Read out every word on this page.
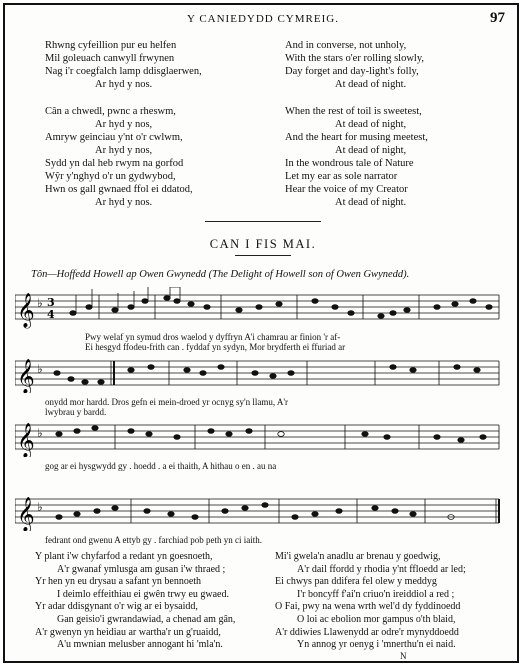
Y CANIEDYDD CYMREIG.	97
Rhwng cyfeillion pur eu helfen
Mil goleuach canwyll frwynen
Nag i'r coegfalch lamp ddisglaerwen,
Ar hyd y nos.
And in converse, not unholy,
With the stars o'er rolling slowly,
Day forget and day-light's folly,
At dead of night.
Cân a chwedl, pwnc a rheswm,
Ar hyd y nos,
Amryw geinciau y'nt o'r cwlwm,
Ar hyd y nos,
Sydd yn dal heb rwym na gorfod
Wŷr y'nghyd o'r un gydwybod,
Hwn os gall gwnaed ffol ei ddatod,
Ar hyd y nos.
When the rest of toil is sweetest,
At dead of night,
And the heart for musing meetest,
At dead of night,
In the wondrous tale of Nature
Let my ear as sole narrator
Hear the voice of my Creator
At dead of night.
CAN I FIS MAI.
Tôn—Hoffedd Howell ap Owen Gwynedd (The Delight of Howell son of Owen Gwynedd).
𝄞 ♭ 3
4
Pwy welaf yn symud dros waelod y dyffryn A'i chamrau ar finion 'r af-
Ei hesgyd ffodeu-frith can . fyddaf yn sydyn, Mor brydferth ei ffuriad ar
𝄞 ♭
onydd mor hardd. Dros gefn ei mein-droed yr ocnyg sy'n llamu, A'r
lwybrau y bardd.
𝄞 ♭
gog ar ei hysgwydd gy . hoedd . a ei thaith, A hithau o en . au na
𝄞 ♭
fedrant ond gwenu A ettyb gy . farchiad pob peth yn ci iaith.
Y plant i'w chyfarfod a redant yn goesnoeth,
A'r gwanaf ymlusga am gusan i'w thraed ;
Yr hen yn eu drysau a safant yn bennoeth
I deimlo effeithiau ei gwên trwy eu gwaed.
Yr adar ddisgynant o'r wig ar ei bysaidd,
Gan geisio'i gwrandawiad, a chenad am gân,
A'r gwenyn yn heidiau ar wartha'r un g'ruaidd,
A'u mwnian melusber annogant hi 'mla'n.
Mi'i gwela'n anadlu ar brenau y goedwig,
A'r dail ffordd y rhodia y'nt ffloedd ar led;
Ei chwys pan ddifera fel olew y meddyg
I'r boncyff f'ai'n criuo'n ireiddiol a red ;
O Fai, pwy na wena wrth wel'd dy fyddinoedd
O loi ac ebolion mor gampus o'th blaid,
A'r ddiwies Llawenydd ar odre'r mynyddoedd
Yn annog yr oenyg i 'mnerthu'n ei naid.
N
